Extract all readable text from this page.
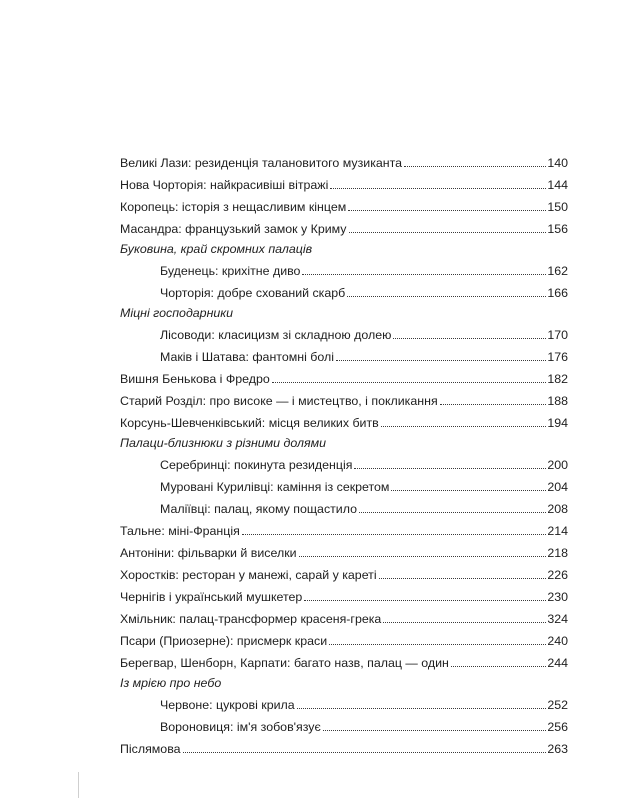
Великі Лази: резиденція талановитого музиканта	140
Нова Чорторія: найкрасивіші вітражі	144
Коропець: історія з нещасливим кінцем	150
Масандра: французький замок у Криму	156
Буковина, край скромних палаців
Буденець: крихітне диво	162
Чорторія: добре схований скарб	166
Міцні господарники
Лісоводи: класицизм зі складною долею	170
Маків і Шатава: фантомні болі	176
Вишня Бенькова і Фредро	182
Старий Розділ: про високе — і мистецтво, і покликання	188
Корсунь-Шевченківський: місця великих битв	194
Палаци-близнюки з різними долями
Серебринці: покинута резиденція	200
Муровані Курилівці: каміння із секретом	204
Маліївці: палац, якому пощастило	208
Тальне: міні-Франція	214
Антоніни: фільварки й виселки	218
Хоростків: ресторан у манежі, сарай у кареті	226
Чернігів і український мушкетер	230
Хмільник: палац-трансформер красеня-грека	324
Псари (Приозерне): присмерк краси	240
Берегвар, Шенборн, Карпати: багато назв, палац — один	244
Із мрією про небо
Червоне: цукрові крила	252
Вороновиця: ім'я зобов'язує	256
Післямова	263
